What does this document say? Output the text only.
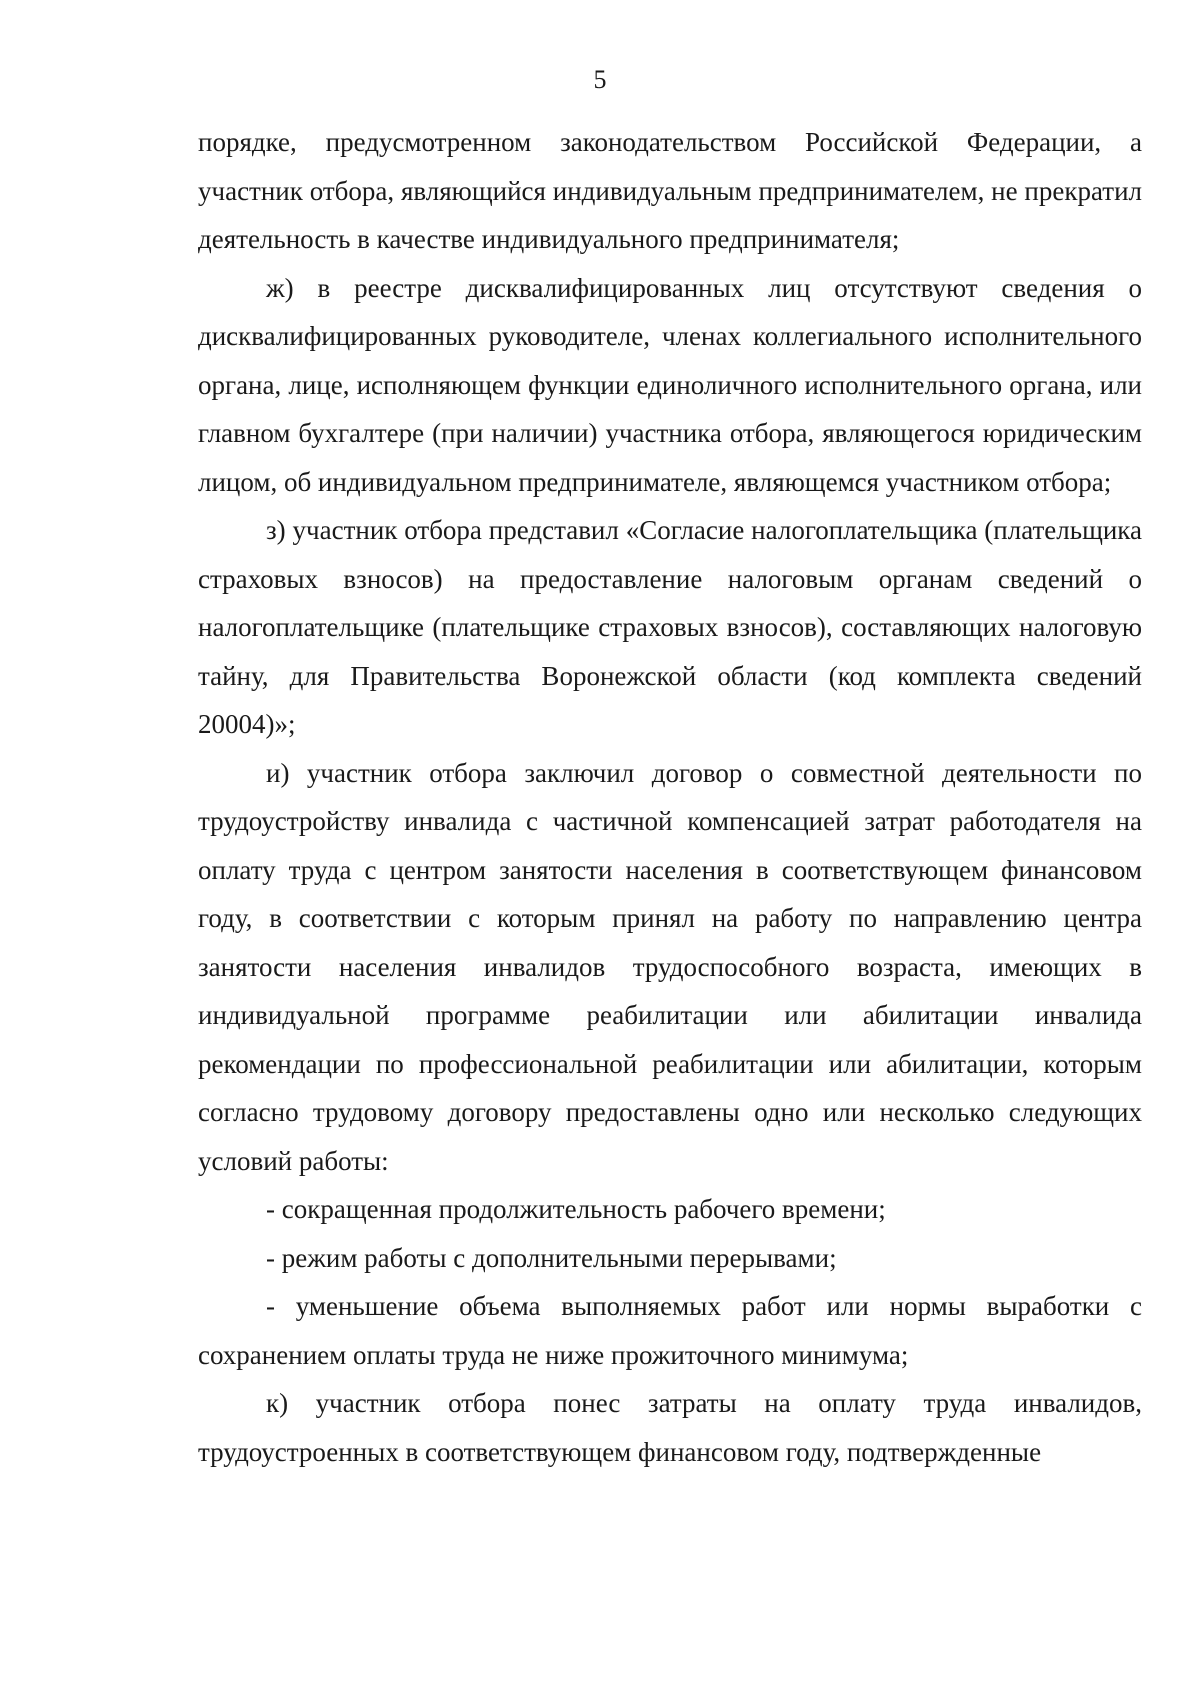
5

порядке, предусмотренном законодательством Российской Федерации, а участник отбора, являющийся индивидуальным предпринимателем, не прекратил деятельность в качестве индивидуального предпринимателя;

ж) в реестре дисквалифицированных лиц отсутствуют сведения о дисквалифицированных руководителе, членах коллегиального исполнительного органа, лице, исполняющем функции единоличного исполнительного органа, или главном бухгалтере (при наличии) участника отбора, являющегося юридическим лицом, об индивидуальном предпринимателе, являющемся участником отбора;

з) участник отбора представил «Согласие налогоплательщика (плательщика страховых взносов) на предоставление налоговым органам сведений о налогоплательщике (плательщике страховых взносов), составляющих налоговую тайну, для Правительства Воронежской области (код комплекта сведений 20004)»;

и) участник отбора заключил договор о совместной деятельности по трудоустройству инвалида с частичной компенсацией затрат работодателя на оплату труда с центром занятости населения в соответствующем финансовом году, в соответствии с которым принял на работу по направлению центра занятости населения инвалидов трудоспособного возраста, имеющих в индивидуальной программе реабилитации или абилитации инвалида рекомендации по профессиональной реабилитации или абилитации, которым согласно трудовому договору предоставлены одно или несколько следующих условий работы:

- сокращенная продолжительность рабочего времени;

- режим работы с дополнительными перерывами;

- уменьшение объема выполняемых работ или нормы выработки с сохранением оплаты труда не ниже прожиточного минимума;

к) участник отбора понес затраты на оплату труда инвалидов, трудоустроенных в соответствующем финансовом году, подтвержденные
